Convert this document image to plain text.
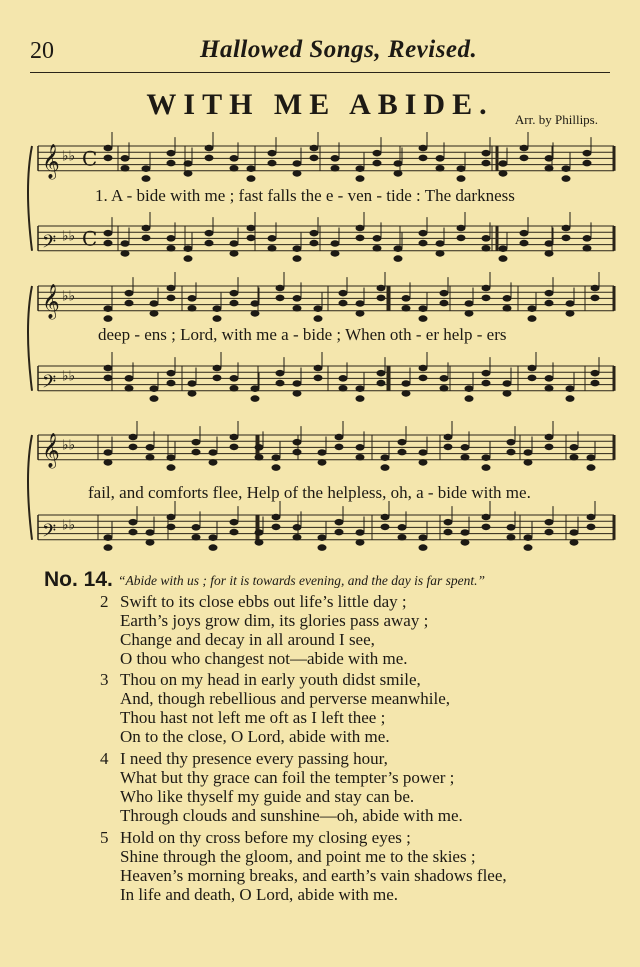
20	Hallowed Songs, Revised.
WITH ME ABIDE.	Arr. by Phillips.
𝄞 ♭♭ C
𝄢 ♭♭ C
𝄞 ♭♭
𝄢 ♭♭
𝄞 ♭♭
𝄢 ♭♭
1. A - bide with me ; fast falls the e - ven - tide : The darkness
deep - ens ; Lord, with me a - bide ; When oth - er help - ers
fail, and comforts flee, Help of the helpless, oh, a - bide with me.
No. 14. “Abide with us ; for it is towards evening, and the day is far spent.”
2 Swift to its close ebbs out life’s little day ;
Earth’s joys grow dim, its glories pass away ;
Change and decay in all around I see,
O thou who changest not—abide with me.
3 Thou on my head in early youth didst smile,
And, though rebellious and perverse meanwhile,
Thou hast not left me oft as I left thee ;
On to the close, O Lord, abide with me.
4 I need thy presence every passing hour,
What but thy grace can foil the tempter’s power ;
Who like thyself my guide and stay can be.
Through clouds and sunshine—oh, abide with me.
5 Hold on thy cross before my closing eyes ;
Shine through the gloom, and point me to the skies ;
Heaven’s morning breaks, and earth’s vain shadows flee,
In life and death, O Lord, abide with me.
